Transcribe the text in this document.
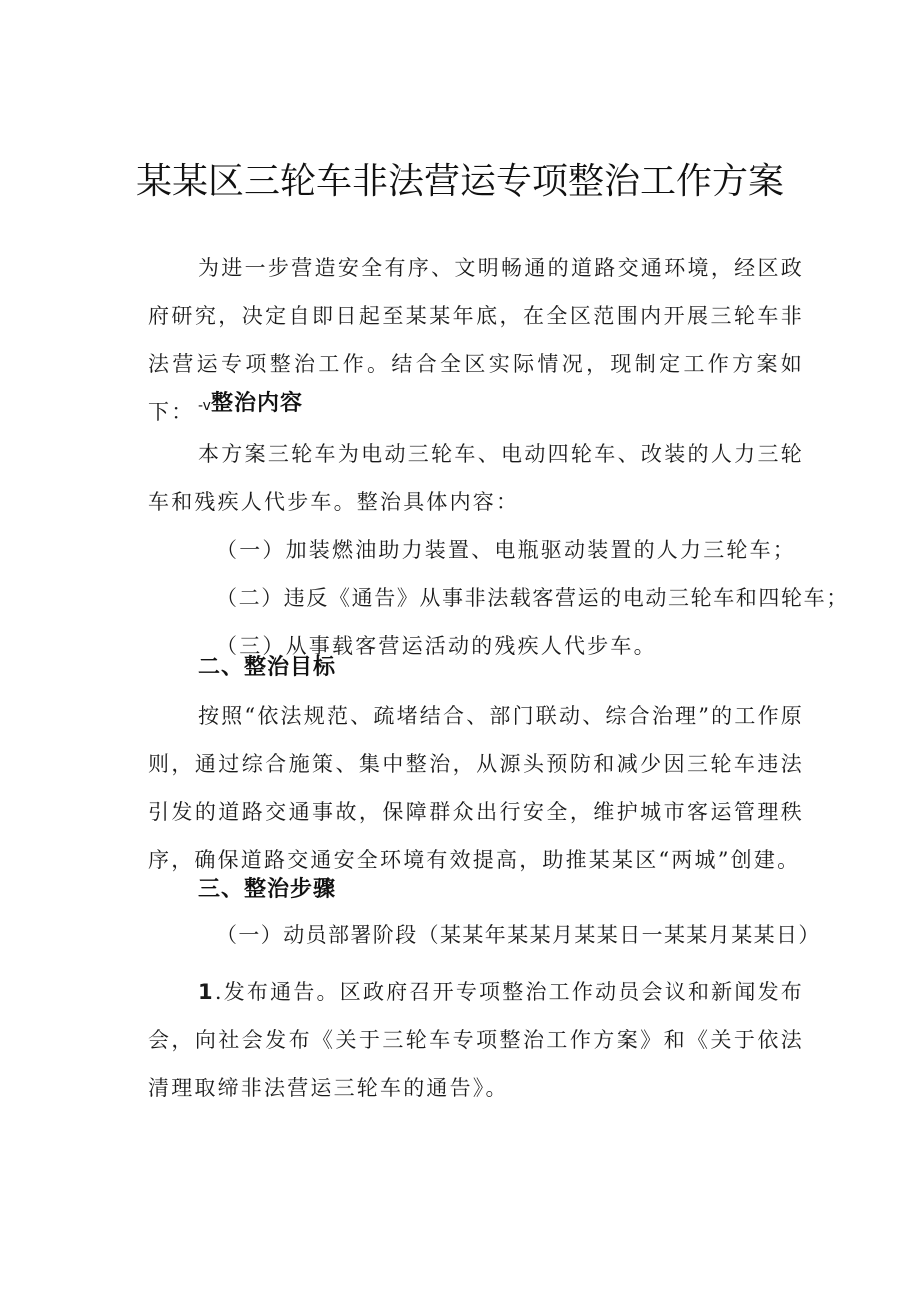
某某区三轮车非法营运专项整治工作方案

为进一步营造安全有序、文明畅通的道路交通环境，经区政府研究，决定自即日起至某某年底，在全区范围内开展三轮车非法营运专项整治工作。结合全区实际情况，现制定工作方案如下： -v整治内容

本方案三轮车为电动三轮车、电动四轮车、改装的人力三轮车和残疾人代步车。整治具体内容：

（一）加装燃油助力装置、电瓶驱动装置的人力三轮车；

（二）违反《通告》从事非法载客营运的电动三轮车和四轮车；

（三）从事载客营运活动的残疾人代步车。

二、整治目标

按照“依法规范、疏堵结合、部门联动、综合治理”的工作原则，通过综合施策、集中整治，从源头预防和减少因三轮车违法引发的道路交通事故，保障群众出行安全，维护城市客运管理秩序，确保道路交通安全环境有效提高，助推某某区“两城”创建。

三、整治步骤

（一）动员部署阶段（某某年某某月某某日一某某月某某日）

1.发布通告。区政府召开专项整治工作动员会议和新闻发布会，向社会发布《关于三轮车专项整治工作方案》和《关于依法清理取缔非法营运三轮车的通告》。
